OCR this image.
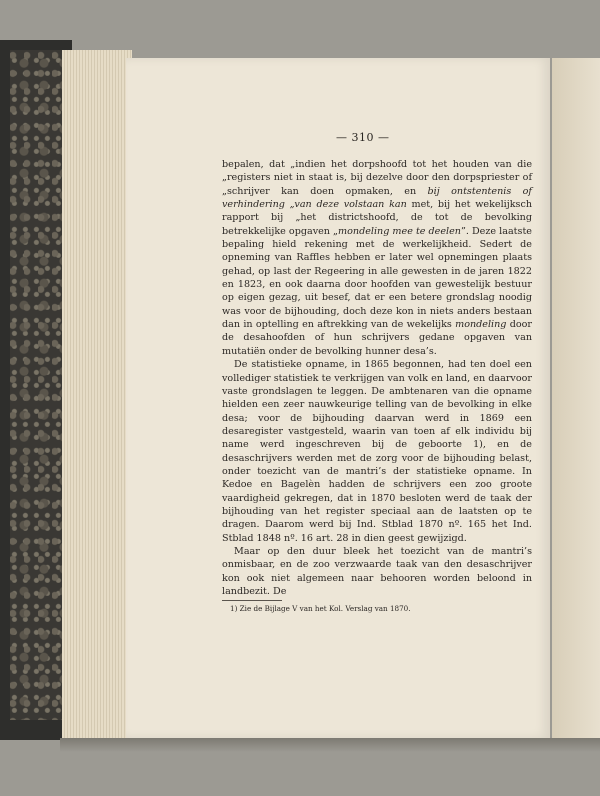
— 310 —

bepalen, dat „indien het dorpshoofd tot het houden van die „registers niet in staat is, bij dezelve door den dorpspriester of „schrijver kan doen opmaken, en bij ontstentenis of verhindering „van deze volstaan kan met, bij het wekelijksch rapport bij „het districtshoofd, de tot de bevolking betrekkelijke opgaven „mondeling mee te deelen”. Deze laatste bepaling hield rekening met de werkelijkheid. Sedert de opneming van Raffles hebben er later wel opnemingen plaats gehad, op last der Regeering in alle gewesten in de jaren 1822 en 1823, en ook daarna door hoofden van gewestelijk bestuur op eigen gezag, uit besef, dat er een betere grondslag noodig was voor de bijhouding, doch deze kon in niets anders bestaan dan in optelling en aftrekking van de wekelijks mondeling door de desahoofden of hun schrijvers gedane opgaven van mutatiën onder de bevolking hunner desa’s.

De statistieke opname, in 1865 begonnen, had ten doel een vollediger statistiek te verkrijgen van volk en land, en daarvoor vaste grondslagen te leggen. De ambtenaren van die opname hielden een zeer nauwkeurige telling van de bevolking in elke desa; voor de bijhouding daarvan werd in 1869 een desaregister vastgesteld, waarin van toen af elk individu bij name werd ingeschreven bij de geboorte 1), en de desaschrijvers werden met de zorg voor de bijhouding belast, onder toezicht van de mantri’s der statistieke opname. In Kedoe en Bagelèn hadden de schrijvers een zoo groote vaardigheid gekregen, dat in 1870 besloten werd de taak der bijhouding van het register speciaal aan de laatsten op te dragen. Daarom werd bij Ind. Stblad 1870 nº. 165 het Ind. Stblad 1848 nº. 16 art. 28 in dien geest gewijzigd.

Maar op den duur bleek het toezicht van de mantri’s onmisbaar, en de zoo verzwaarde taak van den desaschrijver kon ook niet algemeen naar behooren worden beloond in landbezit. De

1) Zie de Bijlage V van het Kol. Verslag van 1870.
